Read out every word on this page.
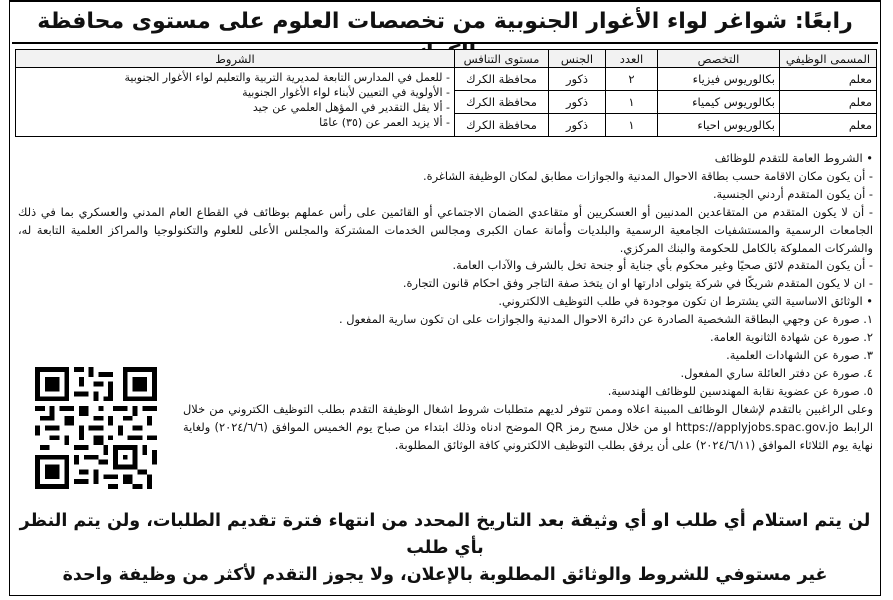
رابعًا: شواغر لواء الأغوار الجنوبية من تخصصات العلوم على مستوى محافظة
المسمى الوظيفي	التخصص	العدد	الجنس	مستوى التنافس	الشروط
معلم	بكالوريوس فيزياء	٢	ذكور	محافظة الكرك	- للعمل في المدارس التابعة لمديرية التربية والتعليم لواء الأغوار الجنوبية
- الأولوية في التعيين لأبناء لواء الأغوار الجنوبية
- ألا يقل التقدير في المؤهل العلمي عن جيد
- ألا يزيد العمر عن (٣٥) عامًا

معلم	بكالوريوس كيمياء	١	ذكور	محافظة الكرك	
معلم	بكالوريوس احياء	١	ذكور	محافظة الكرك	

• الشروط العامة للتقدم للوظائف

- أن يكون مكان الاقامة حسب بطاقة الاحوال المدنية والجوازات مطابق لمكان الوظيفة الشاغرة.

- أن يكون المتقدم أردني الجنسية.

- أن لا يكون المتقدم من المتقاعدين المدنيين أو العسكريين أو متقاعدي الضمان الاجتماعي أو القائمين على رأس عملهم بوظائف في القطاع العام المدني والعسكري بما في ذلك الجامعات الرسمية والمستشفيات الجامعية الرسمية والبلديات وأمانة عمان الكبرى ومجالس الخدمات المشتركة والمجلس الأعلى للعلوم والتكنولوجيا والمراكز العلمية التابعة له، والشركات المملوكة بالكامل للحكومة والبنك المركزي.

- أن يكون المتقدم لائق صحيًا وغير محكوم بأي جناية أو جنحة تخل بالشرف والآداب العامة.

- ان لا يكون المتقدم شريكًا في شركة يتولى ادارتها او ان يتخذ صفة التاجر وفق احكام قانون التجارة.

• الوثائق الاساسية التي يشترط ان تكون موجودة في طلب التوظيف الالكتروني.

١. صورة عن وجهي البطاقة الشخصية الصادرة عن دائرة الاحوال المدنية والجوازات على ان تكون سارية المفعول .

٢. صورة عن شهادة الثانوية العامة.

٣. صورة عن الشهادات العلمية.

٤. صورة عن دفتر العائلة ساري المفعول.

٥. صورة عن عضوية نقابة المهندسين للوظائف الهندسية.

وعلى الراغبين بالتقدم لإشغال الوظائف المبينة اعلاه وممن تتوفر لديهم متطلبات شروط اشغال الوظيفة التقدم بطلب التوظيف الكتروني من خلال الرابط https://applyjobs.spac.gov.jo او من خلال مسح رمز QR الموضح ادناه وذلك ابتداء من صباح يوم الخميس الموافق (٢٠٢٤/٦/٦) ولغاية نهاية يوم الثلاثاء الموافق (٢٠٢٤/٦/١١) على أن يرفق بطلب التوظيف الالكتروني كافة الوثائق المطلوبة.

لن يتم استلام أي طلب او أي وثيقة بعد التاريخ المحدد من انتهاء فترة تقديم الطلبات، ولن يتم النظر بأي طلب
غير مستوفي للشروط والوثائق المطلوبة بالإعلان، ولا يجوز التقدم لأكثر من وظيفة واحدة
